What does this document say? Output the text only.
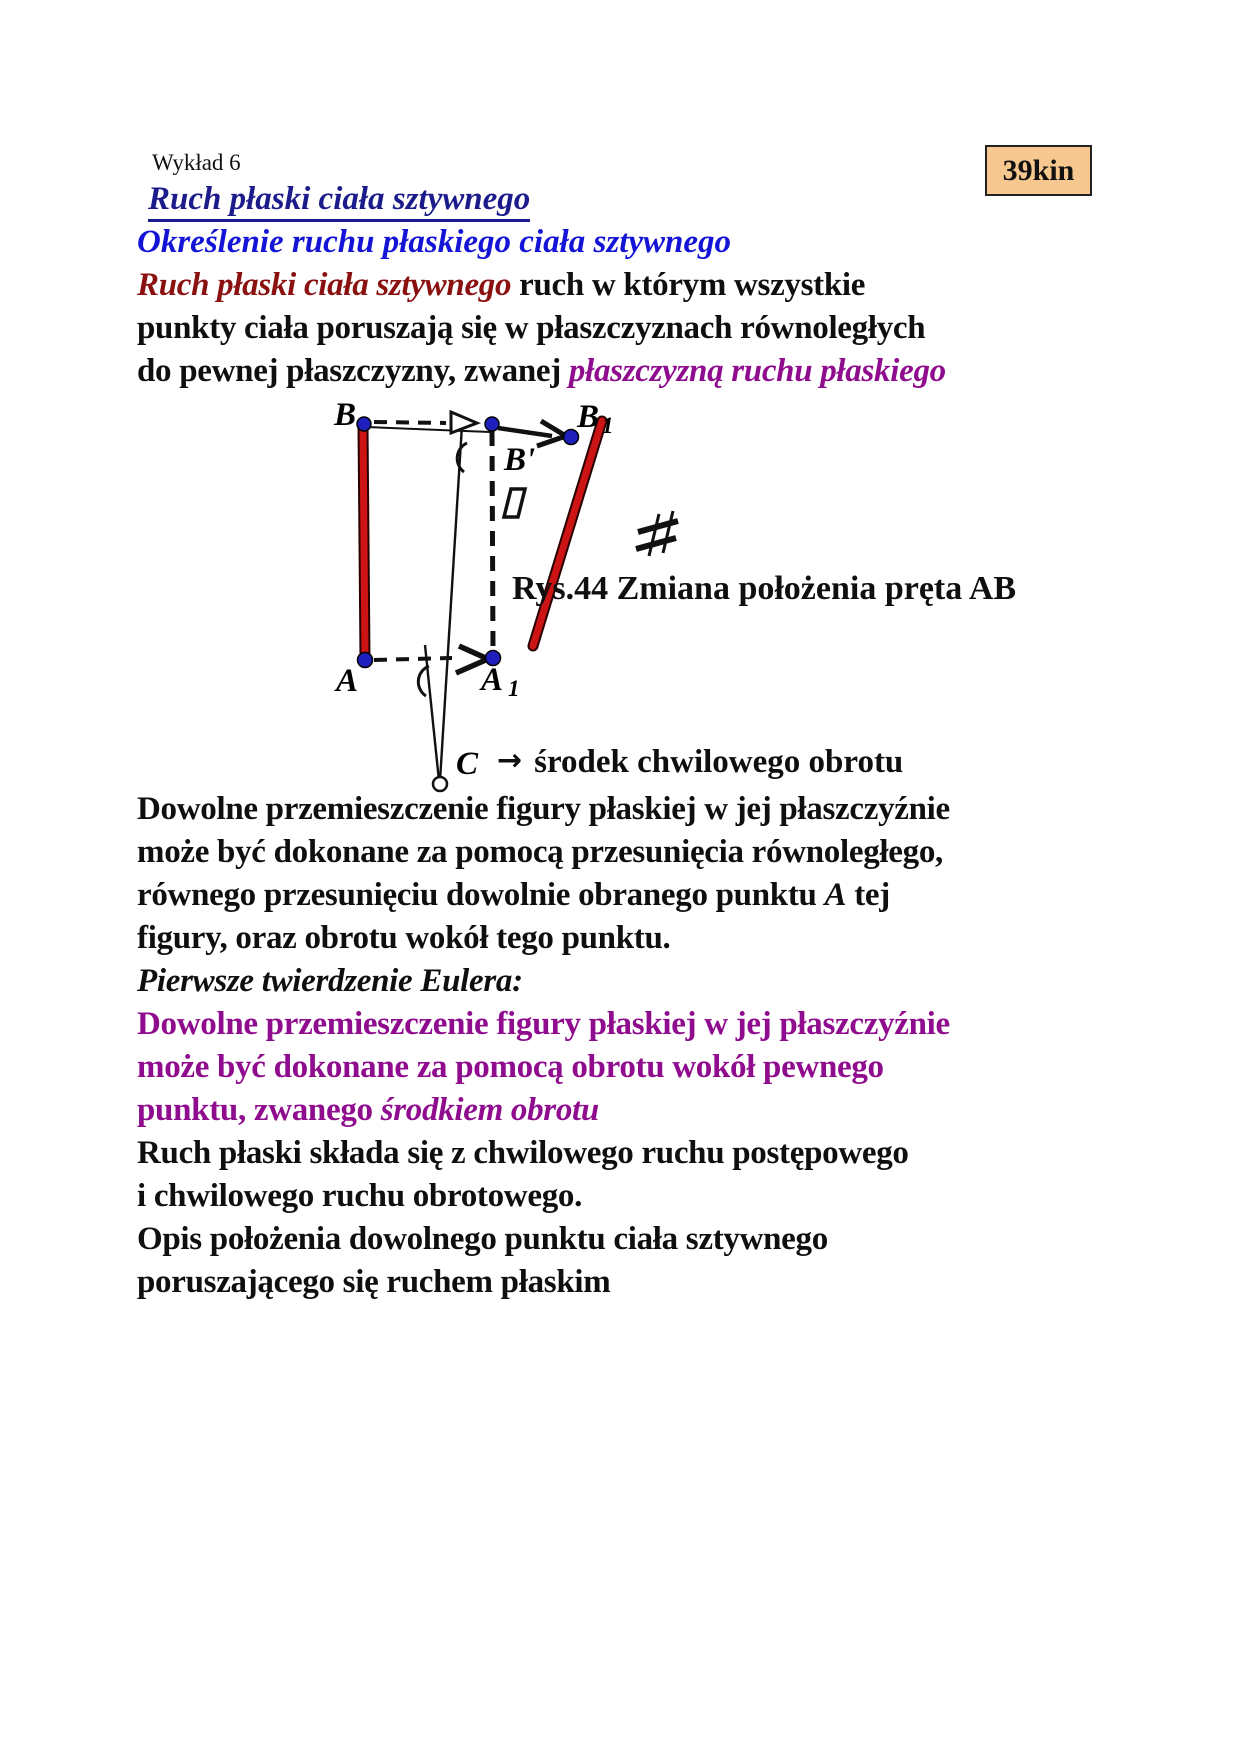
Wykład 6	39kin
Ruch płaski ciała sztywnego
Określenie ruchu płaskiego ciała sztywnego
Ruch płaski ciała sztywnego ruch w którym wszystkie
punkty ciała poruszają się w płaszczyznach równoległych
do pewnej płaszczyzny, zwanej płaszczyzną ruchu płaskiego
B	B 1
B'
A	A 1
C
Rys.44 Zmiana położenia pręta AB
→ środek chwilowego obrotu
Dowolne przemieszczenie figury płaskiej w jej płaszczyźnie
może być dokonane za pomocą przesunięcia równoległego,
równego przesunięciu dowolnie obranego punktu A tej
figury, oraz obrotu wokół tego punktu.
Pierwsze twierdzenie Eulera:
Dowolne przemieszczenie figury płaskiej w jej płaszczyźnie
może być dokonane za pomocą obrotu wokół pewnego
punktu, zwanego środkiem obrotu
Ruch płaski składa się z chwilowego ruchu postępowego
i chwilowego ruchu obrotowego.
Opis położenia dowolnego punktu ciała sztywnego
poruszającego się ruchem płaskim
